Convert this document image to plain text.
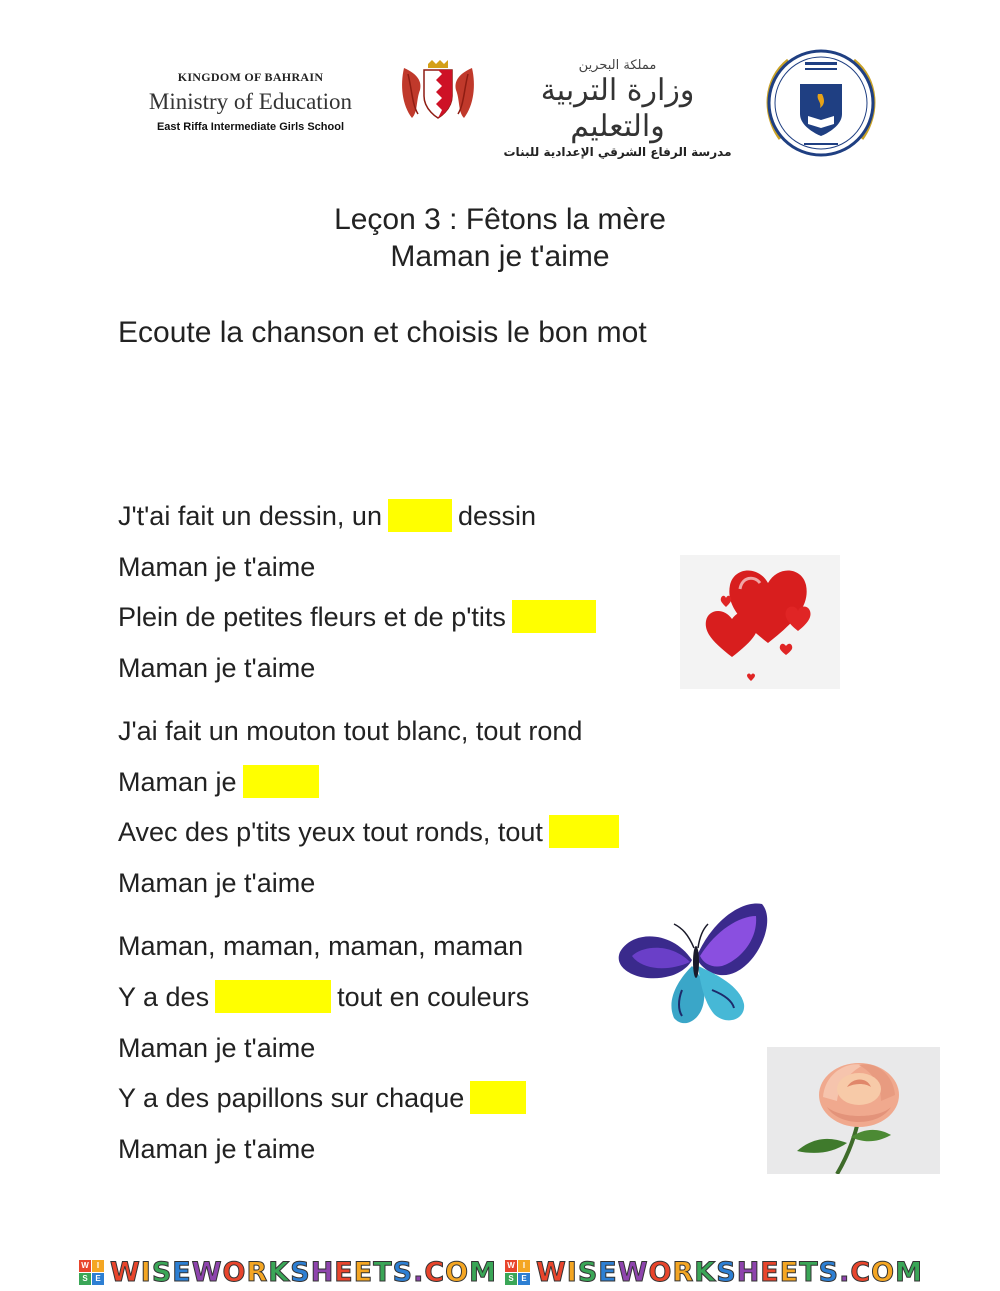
KINGDOM OF BAHRAIN
Ministry of Education
East Riffa Intermediate Girls School
مملكة البحرين
وزارة التربية والتعليم
مدرسة الرفاع الشرقي الإعدادية للبنات
Leçon 3 : Fêtons la mère
Maman je t'aime
Ecoute la chanson et choisis le bon mot
J't'ai fait un dessin, un	dessin
Maman je t'aime
Plein de petites fleurs et de p'tits
Maman je t'aime
J'ai fait un mouton tout blanc, tout rond
Maman je
Avec des p'tits yeux tout ronds, tout
Maman je t'aime
Maman, maman, maman, maman
Y a des	tout en couleurs
Maman je t'aime
Y a des papillons sur chaque
Maman je t'aime
W	I
S E WISEWORKSHEETS.COM W	I
S E WISEWORKSHEETS.COM
